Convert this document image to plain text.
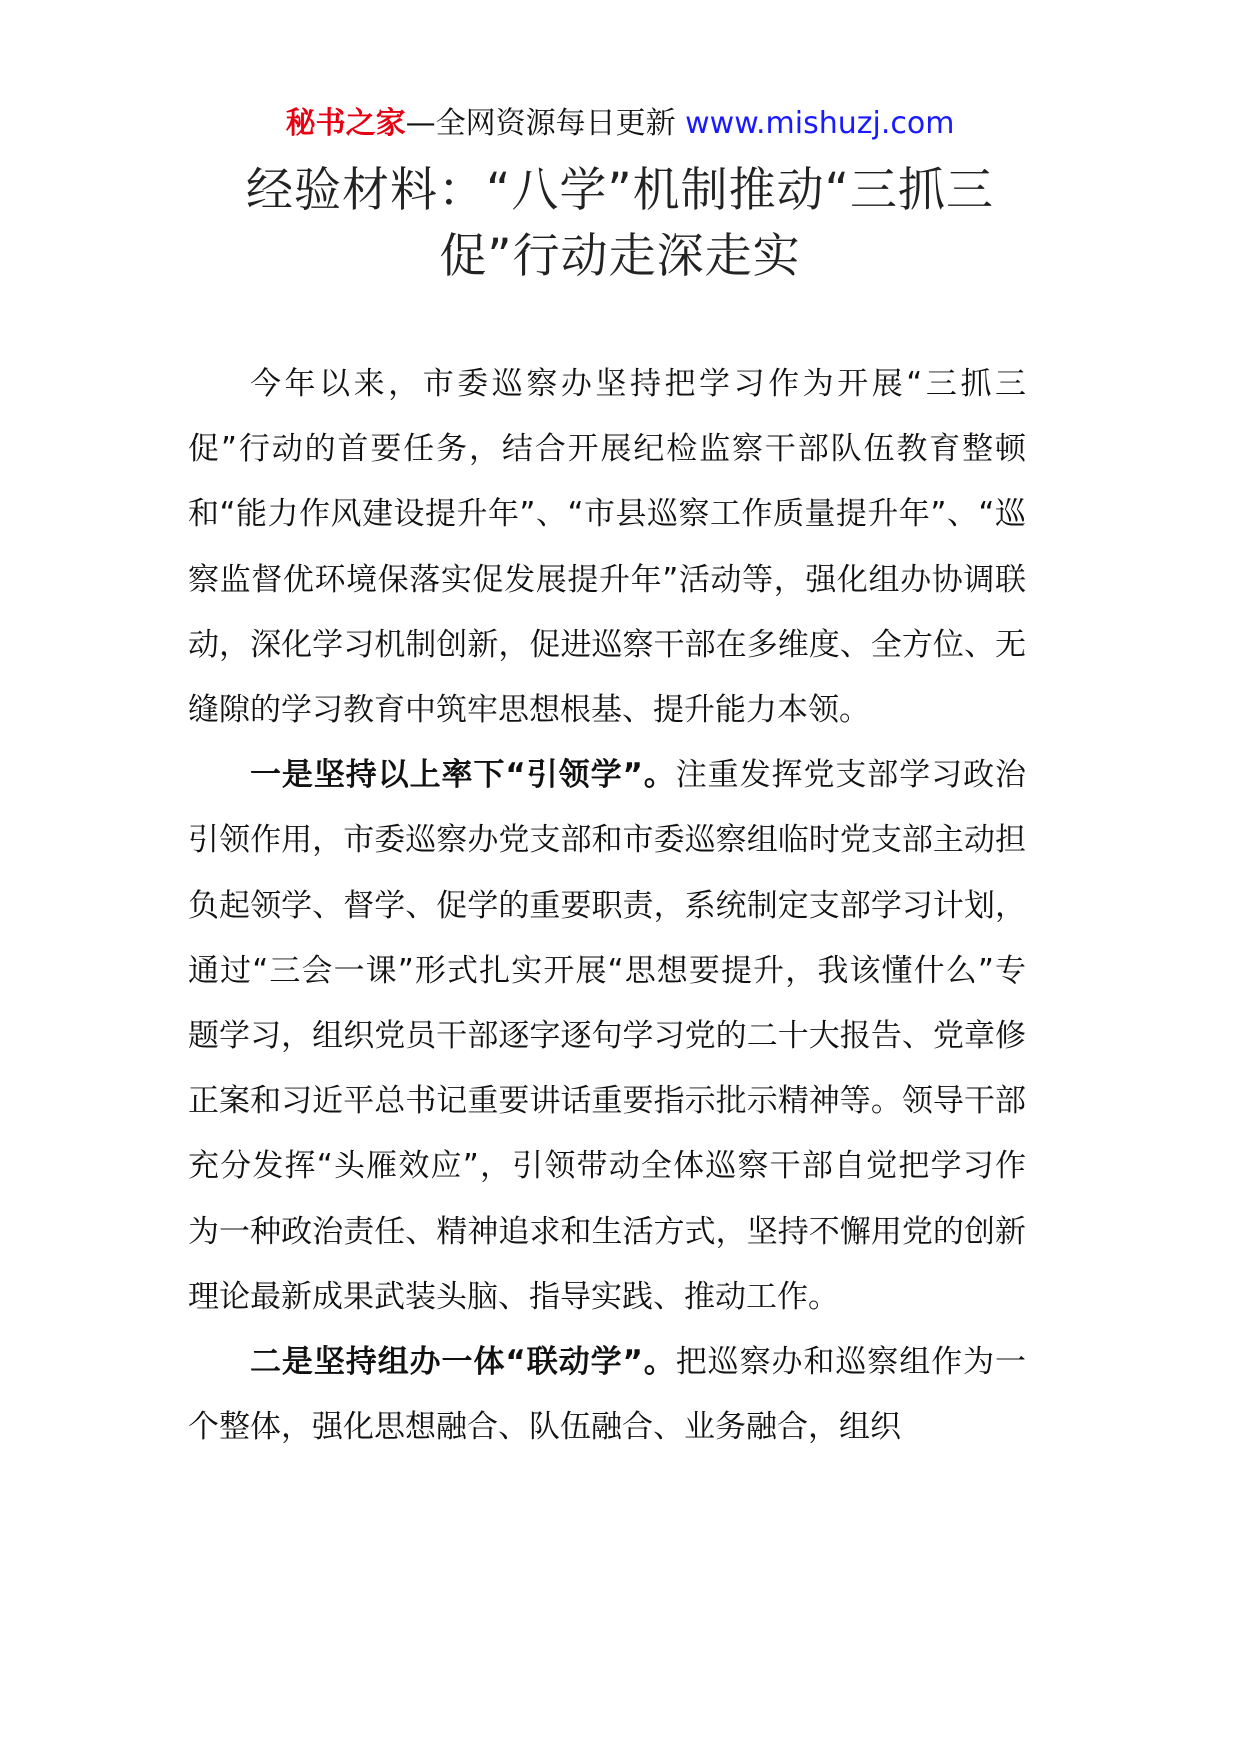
秘书之家—全网资源每日更新 www.mishuzj.com
经验材料：“八学”机制推动“三抓三促”行动走深走实

今年以来，市委巡察办坚持把学习作为开展“三抓三促”行动的首要任务，结合开展纪检监察干部队伍教育整顿和“能力作风建设提升年”、“市县巡察工作质量提升年”、“巡察监督优环境保落实促发展提升年”活动等，强化组办协调联动，深化学习机制创新，促进巡察干部在多维度、全方位、无缝隙的学习教育中筑牢思想根基、提升能力本领。

一是坚持以上率下“引领学”。注重发挥党支部学习政治引领作用，市委巡察办党支部和市委巡察组临时党支部主动担负起领学、督学、促学的重要职责，系统制定支部学习计划，通过“三会一课”形式扎实开展“思想要提升，我该懂什么”专题学习，组织党员干部逐字逐句学习党的二十大报告、党章修正案和习近平总书记重要讲话重要指示批示精神等。领导干部充分发挥“头雁效应”，引领带动全体巡察干部自觉把学习作为一种政治责任、精神追求和生活方式，坚持不懈用党的创新理论最新成果武装头脑、指导实践、推动工作。

二是坚持组办一体“联动学”。把巡察办和巡察组作为一个整体，强化思想融合、队伍融合、业务融合，组织
